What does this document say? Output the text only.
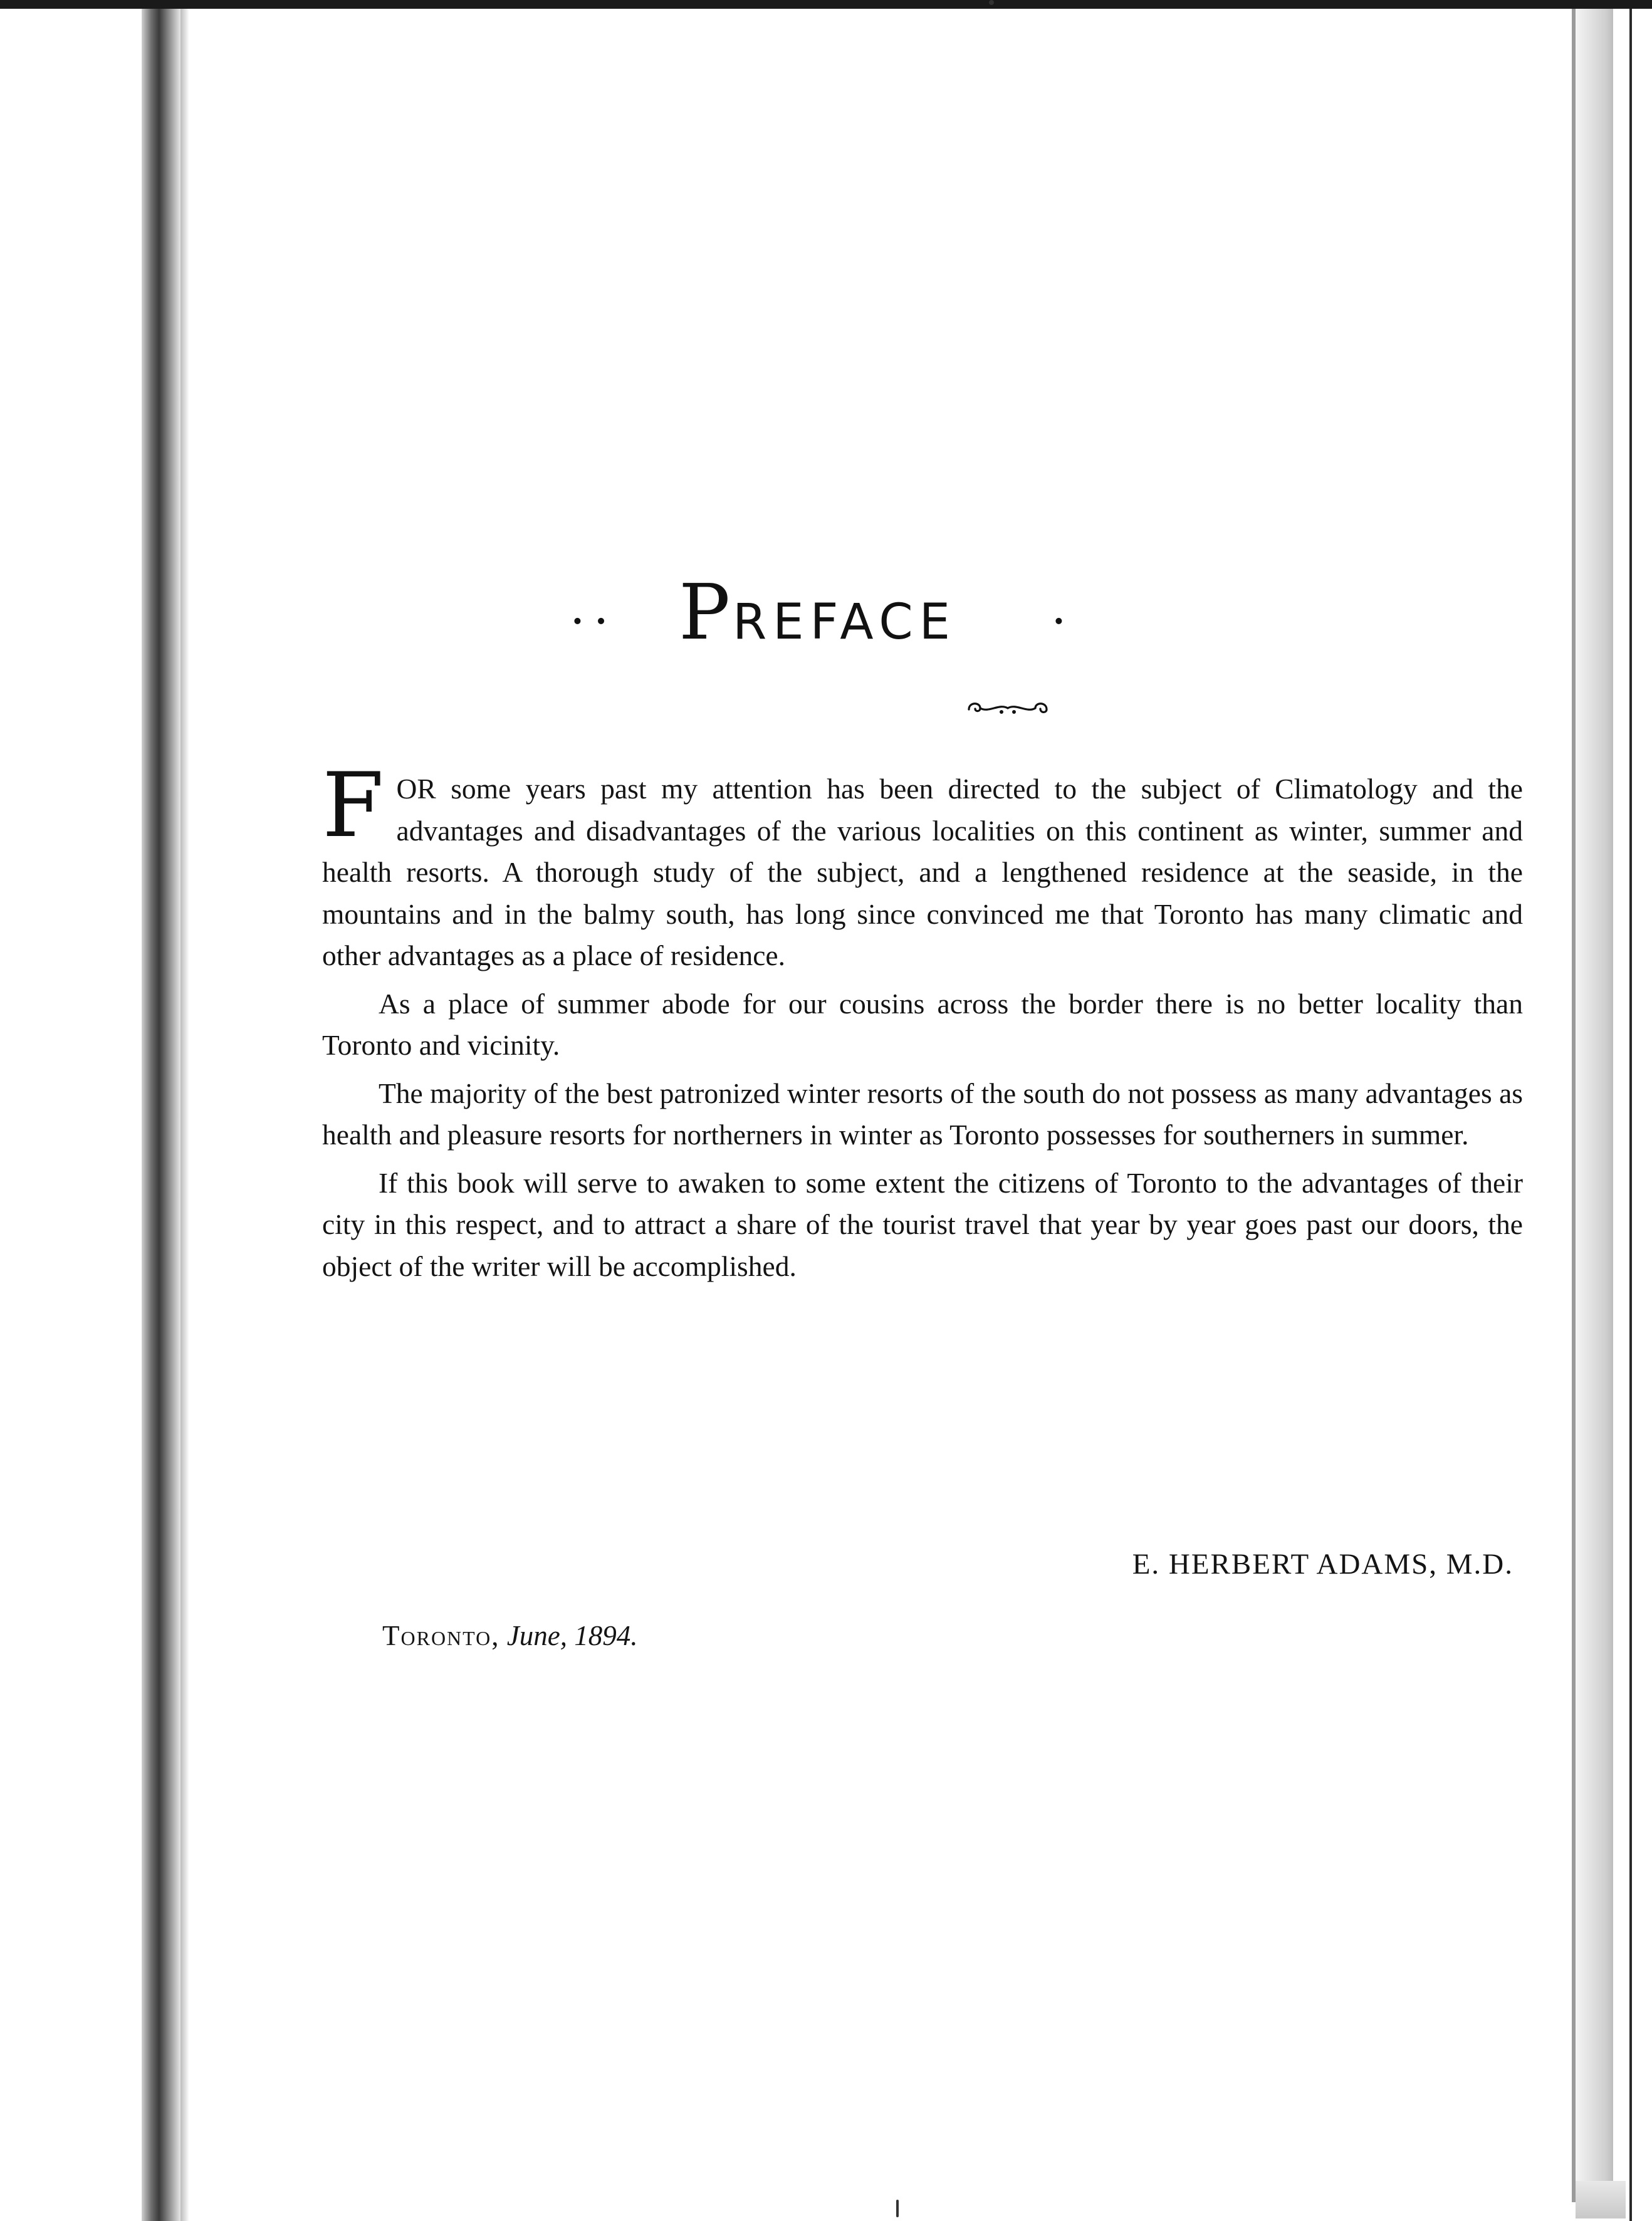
. . PREFACE	.

FOR some years past my attention has been directed to the subject of Climatology and the advantages and disadvantages of the various localities on this continent as winter, summer and health resorts. A thorough study of the subject, and a lengthened residence at the seaside, in the mountains and in the balmy south, has long since convinced me that Toronto has many climatic and other advantages as a place of residence.

As a place of summer abode for our cousins across the border there is no better locality than Toronto and vicinity.

The majority of the best patronized winter resorts of the south do not possess as many advantages as health and pleasure resorts for northerners in winter as Toronto possesses for southerners in summer.

If this book will serve to awaken to some extent the citizens of Toronto to the advantages of their city in this respect, and to attract a share of the tourist travel that year by year goes past our doors, the object of the writer will be accomplished.

E. HERBERT ADAMS, M.D.
Toronto, June, 1894.
